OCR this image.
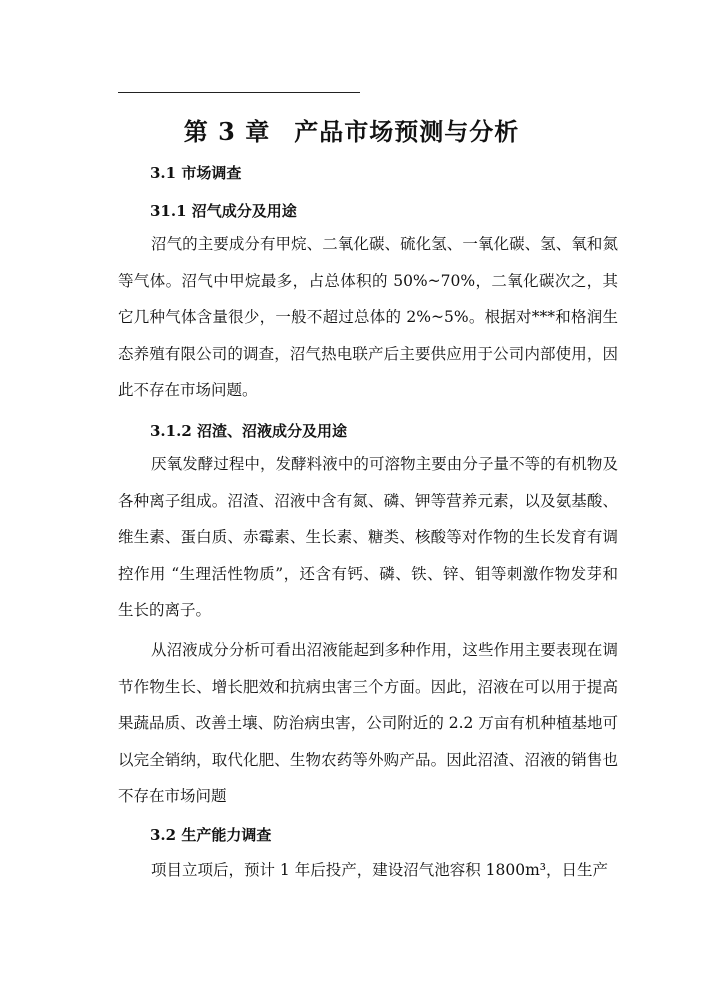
第 3 章 产品市场预测与分析
3.1 市场调查
31.1 沼气成分及用途

沼气的主要成分有甲烷、二氧化碳、硫化氢、一氧化碳、氢、氧和氮等气体。沼气中甲烷最多，占总体积的 50%~70%，二氧化碳次之，其它几种气体含量很少，一般不超过总体的 2%~5%。根据对***和格润生态养殖有限公司的调查，沼气热电联产后主要供应用于公司内部使用，因此不存在市场问题。

3.1.2 沼渣、沼液成分及用途

厌氧发酵过程中，发酵料液中的可溶物主要由分子量不等的有机物及各种离子组成。沼渣、沼液中含有氮、磷、钾等营养元素，以及氨基酸、维生素、蛋白质、赤霉素、生长素、糖类、核酸等对作物的生长发育有调控作用 “生理活性物质”，还含有钙、磷、铁、锌、钼等刺激作物发芽和生长的离子。

从沼液成分分析可看出沼液能起到多种作用，这些作用主要表现在调节作物生长、增长肥效和抗病虫害三个方面。因此，沼液在可以用于提高果蔬品质、改善土壤、防治病虫害，公司附近的 2.2 万亩有机种植基地可以完全销纳，取代化肥、生物农药等外购产品。因此沼渣、沼液的销售也不存在市场问题

3.2 生产能力调查

项目立项后，预计 1 年后投产，建设沼气池容积 1800m³，日生产
